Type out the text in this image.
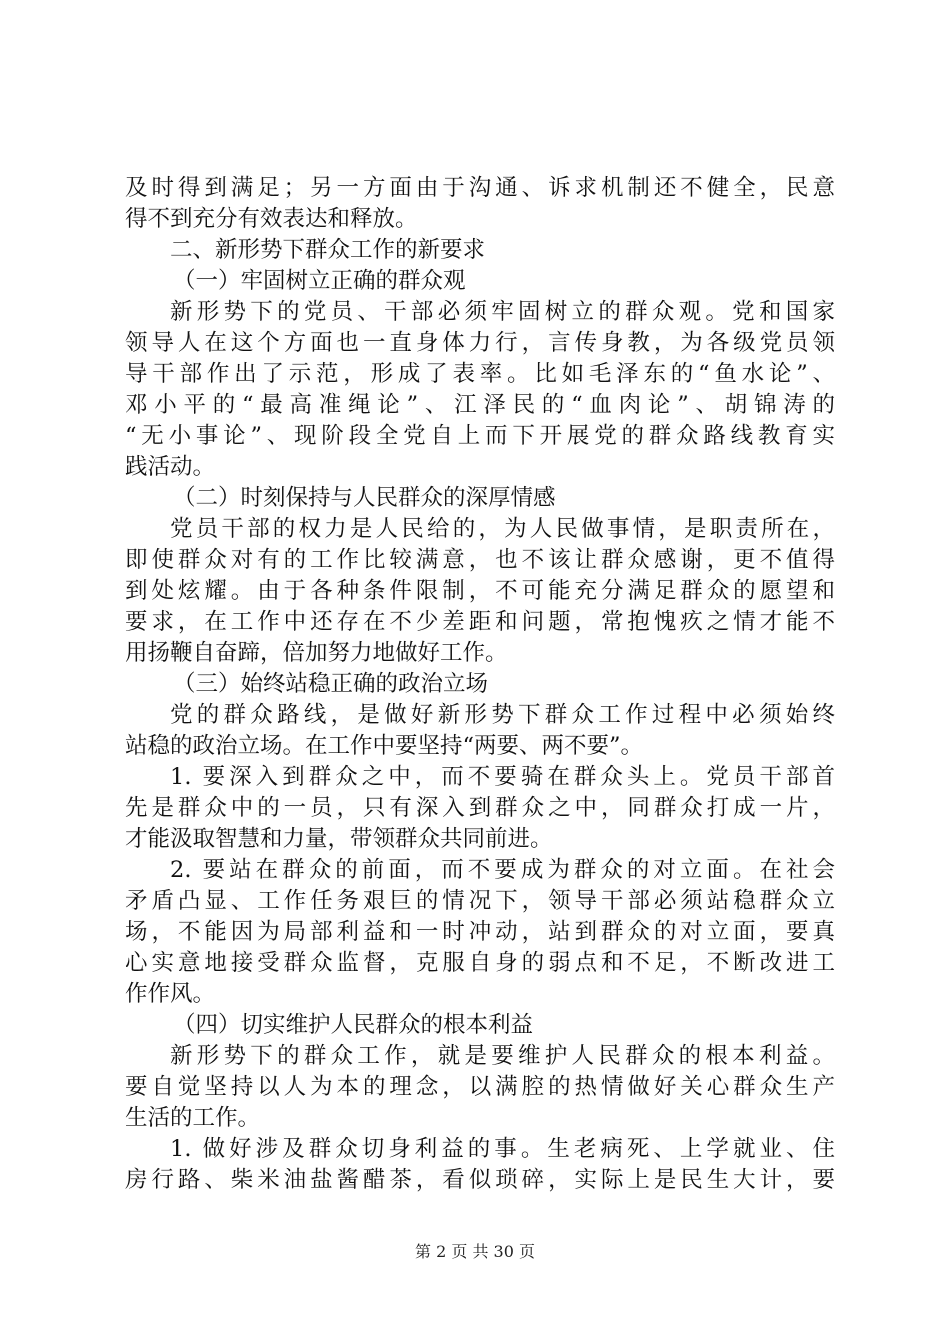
及时得到满足；另一方面由于沟通、诉求机制还不健全，民意
得不到充分有效表达和释放。
二、新形势下群众工作的新要求
（一）牢固树立正确的群众观
新形势下的党员、干部必须牢固树立的群众观。党和国家
领导人在这个方面也一直身体力行，言传身教，为各级党员领
导干部作出了示范，形成了表率。比如毛泽东的“鱼水论”、
邓小平的“最高准绳论”、江泽民的“血肉论”、胡锦涛的
“无小事论”、现阶段全党自上而下开展党的群众路线教育实
践活动。
（二）时刻保持与人民群众的深厚情感
党员干部的权力是人民给的，为人民做事情，是职责所在，
即使群众对有的工作比较满意，也不该让群众感谢，更不值得
到处炫耀。由于各种条件限制，不可能充分满足群众的愿望和
要求，在工作中还存在不少差距和问题，常抱愧疚之情才能不
用扬鞭自奋蹄，倍加努力地做好工作。
（三）始终站稳正确的政治立场
党的群众路线，是做好新形势下群众工作过程中必须始终
站稳的政治立场。在工作中要坚持“两要、两不要”。
1. 要深入到群众之中，而不要骑在群众头上。党员干部首
先是群众中的一员，只有深入到群众之中，同群众打成一片，
才能汲取智慧和力量，带领群众共同前进。
2. 要站在群众的前面，而不要成为群众的对立面。在社会
矛盾凸显、工作任务艰巨的情况下，领导干部必须站稳群众立
场，不能因为局部利益和一时冲动，站到群众的对立面，要真
心实意地接受群众监督，克服自身的弱点和不足，不断改进工
作作风。
（四）切实维护人民群众的根本利益
新形势下的群众工作，就是要维护人民群众的根本利益。
要自觉坚持以人为本的理念，以满腔的热情做好关心群众生产
生活的工作。
1. 做好涉及群众切身利益的事。生老病死、上学就业、住
房行路、柴米油盐酱醋茶，看似琐碎，实际上是民生大计，要
第 2 页 共 30 页
